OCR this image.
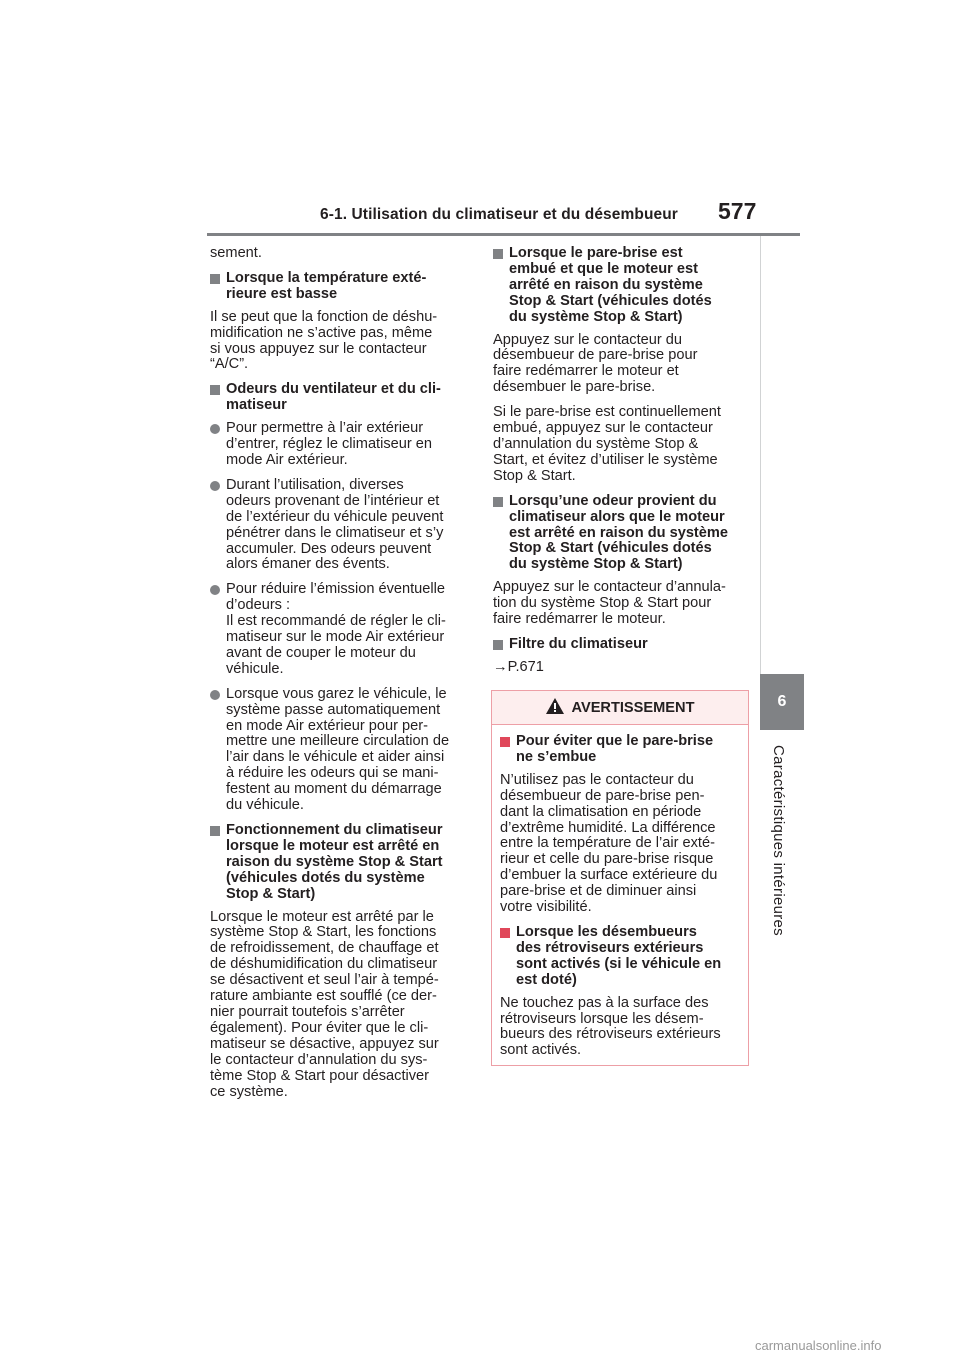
6-1. Utilisation du climatiseur et du désembueur 577
6
Caractéristiques intérieures

sement.

Lorsque la température exté-
rieure est basse

Il se peut que la fonction de déshu-
midification ne s’active pas, même
si vous appuyez sur le contacteur
“A/C”.

Odeurs du ventilateur et du cli-
matiseur
Pour permettre à l’air extérieur
d’entrer, réglez le climatiseur en
mode Air extérieur.
Durant l’utilisation, diverses
odeurs provenant de l’intérieur et
de l’extérieur du véhicule peuvent
pénétrer dans le climatiseur et s’y
accumuler. Des odeurs peuvent
alors émaner des évents.
Pour réduire l’émission éventuelle
d’odeurs :
Il est recommandé de régler le cli-
matiseur sur le mode Air extérieur
avant de couper le moteur du
véhicule.
Lorsque vous garez le véhicule, le
système passe automatiquement
en mode Air extérieur pour per-
mettre une meilleure circulation de
l’air dans le véhicule et aider ainsi
à réduire les odeurs qui se mani-
festent au moment du démarrage
du véhicule.
Fonctionnement du climatiseur
lorsque le moteur est arrêté en
raison du système Stop & Start
(véhicules dotés du système
Stop & Start)

Lorsque le moteur est arrêté par le
système Stop & Start, les fonctions
de refroidissement, de chauffage et
de déshumidification du climatiseur
se désactivent et seul l’air à tempé-
rature ambiante est soufflé (ce der-
nier pourrait toutefois s’arrêter
également). Pour éviter que le cli-
matiseur se désactive, appuyez sur
le contacteur d’annulation du sys-
tème Stop & Start pour désactiver
ce système.

Lorsque le pare-brise est
embué et que le moteur est
arrêté en raison du système
Stop & Start (véhicules dotés
du système Stop & Start)

Appuyez sur le contacteur du
désembueur de pare-brise pour
faire redémarrer le moteur et
désembuer le pare-brise.

Si le pare-brise est continuellement
embué, appuyez sur le contacteur
d’annulation du système Stop &
Start, et évitez d’utiliser le système
Stop & Start.

Lorsqu’une odeur provient du
climatiseur alors que le moteur
est arrêté en raison du système
Stop & Start (véhicules dotés
du système Stop & Start)

Appuyez sur le contacteur d’annula-
tion du système Stop & Start pour
faire redémarrer le moteur.

Filtre du climatiseur

→P.671

AVERTISSEMENT
Pour éviter que le pare-brise
ne s’embue

N’utilisez pas le contacteur du
désembueur de pare-brise pen-
dant la climatisation en période
d’extrême humidité. La différence
entre la température de l’air exté-
rieur et celle du pare-brise risque
d’embuer la surface extérieure du
pare-brise et de diminuer ainsi
votre visibilité.

Lorsque les désembueurs
des rétroviseurs extérieurs
sont activés (si le véhicule en
est doté)

Ne touchez pas à la surface des
rétroviseurs lorsque les désem-
bueurs des rétroviseurs extérieurs
sont activés.

carmanualsonline.info
